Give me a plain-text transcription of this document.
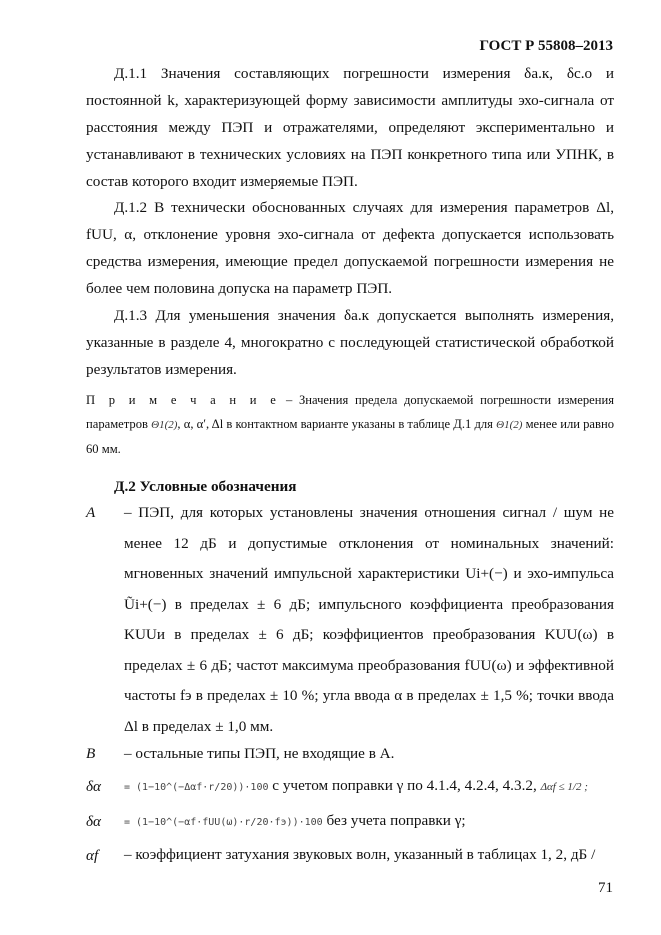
ГОСТ Р 55808–2013

Д.1.1 Значения составляющих погрешности измерения δа.к, δс.о и постоянной k, характеризующей форму зависимости амплитуды эхо-сигнала от расстояния между ПЭП и отражателями, определяют экспериментально и устанавливают в технических условиях на ПЭП конкретного типа или УПНК, в состав которого входит измеряемые ПЭП.

Д.1.2 В технически обоснованных случаях для измерения параметров Δl, fUU, α, отклонение уровня эхо-сигнала от дефекта допускается использовать средства измерения, имеющие предел допускаемой погрешности измерения не более чем половина допуска на параметр ПЭП.

Д.1.3 Для уменьшения значения δа.к допускается выполнять измерения, указанные в разделе 4, многократно с последующей статистической обработкой результатов измерения.

П р и м е ч а н и е – Значения предела допускаемой погрешности измерения параметров Θ1(2), α, α′, Δl в контактном варианте указаны в таблице Д.1 для Θ1(2) менее или равно 60 мм.

Д.2 Условные обозначения
A – ПЭП, для которых установлены значения отношения сигнал / шум не менее 12 дБ и допустимые отклонения от номинальных значений: мгновенных значений импульсной характеристики Ui+(−) и эхо-импульса Ũi+(−) в пределах ± 6 дБ; импульсного коэффициента преобразования KUUи в пределах ± 6 дБ; коэффициентов преобразования KUU(ω) в пределах ± 6 дБ; частот максимума преобразования fUU(ω) и эффективной частоты fэ в пределах ± 10 %; угла ввода α в пределах ± 1,5 %; точки ввода Δl в пределах ± 1,0 мм.

B – остальные типы ПЭП, не входящие в A.

δα = (1−10^(−Δαf·r/20))·100 с учетом поправки γ по 4.1.4, 4.2.4, 4.3.2, Δαf ≤ 1/2 ;

δα = (1−10^(−αf·fUU(ω)·r/20·fэ))·100 без учета поправки γ;

αf – коэффициент затухания звуковых волн, указанный в таблицах 1, 2, дБ /

71
